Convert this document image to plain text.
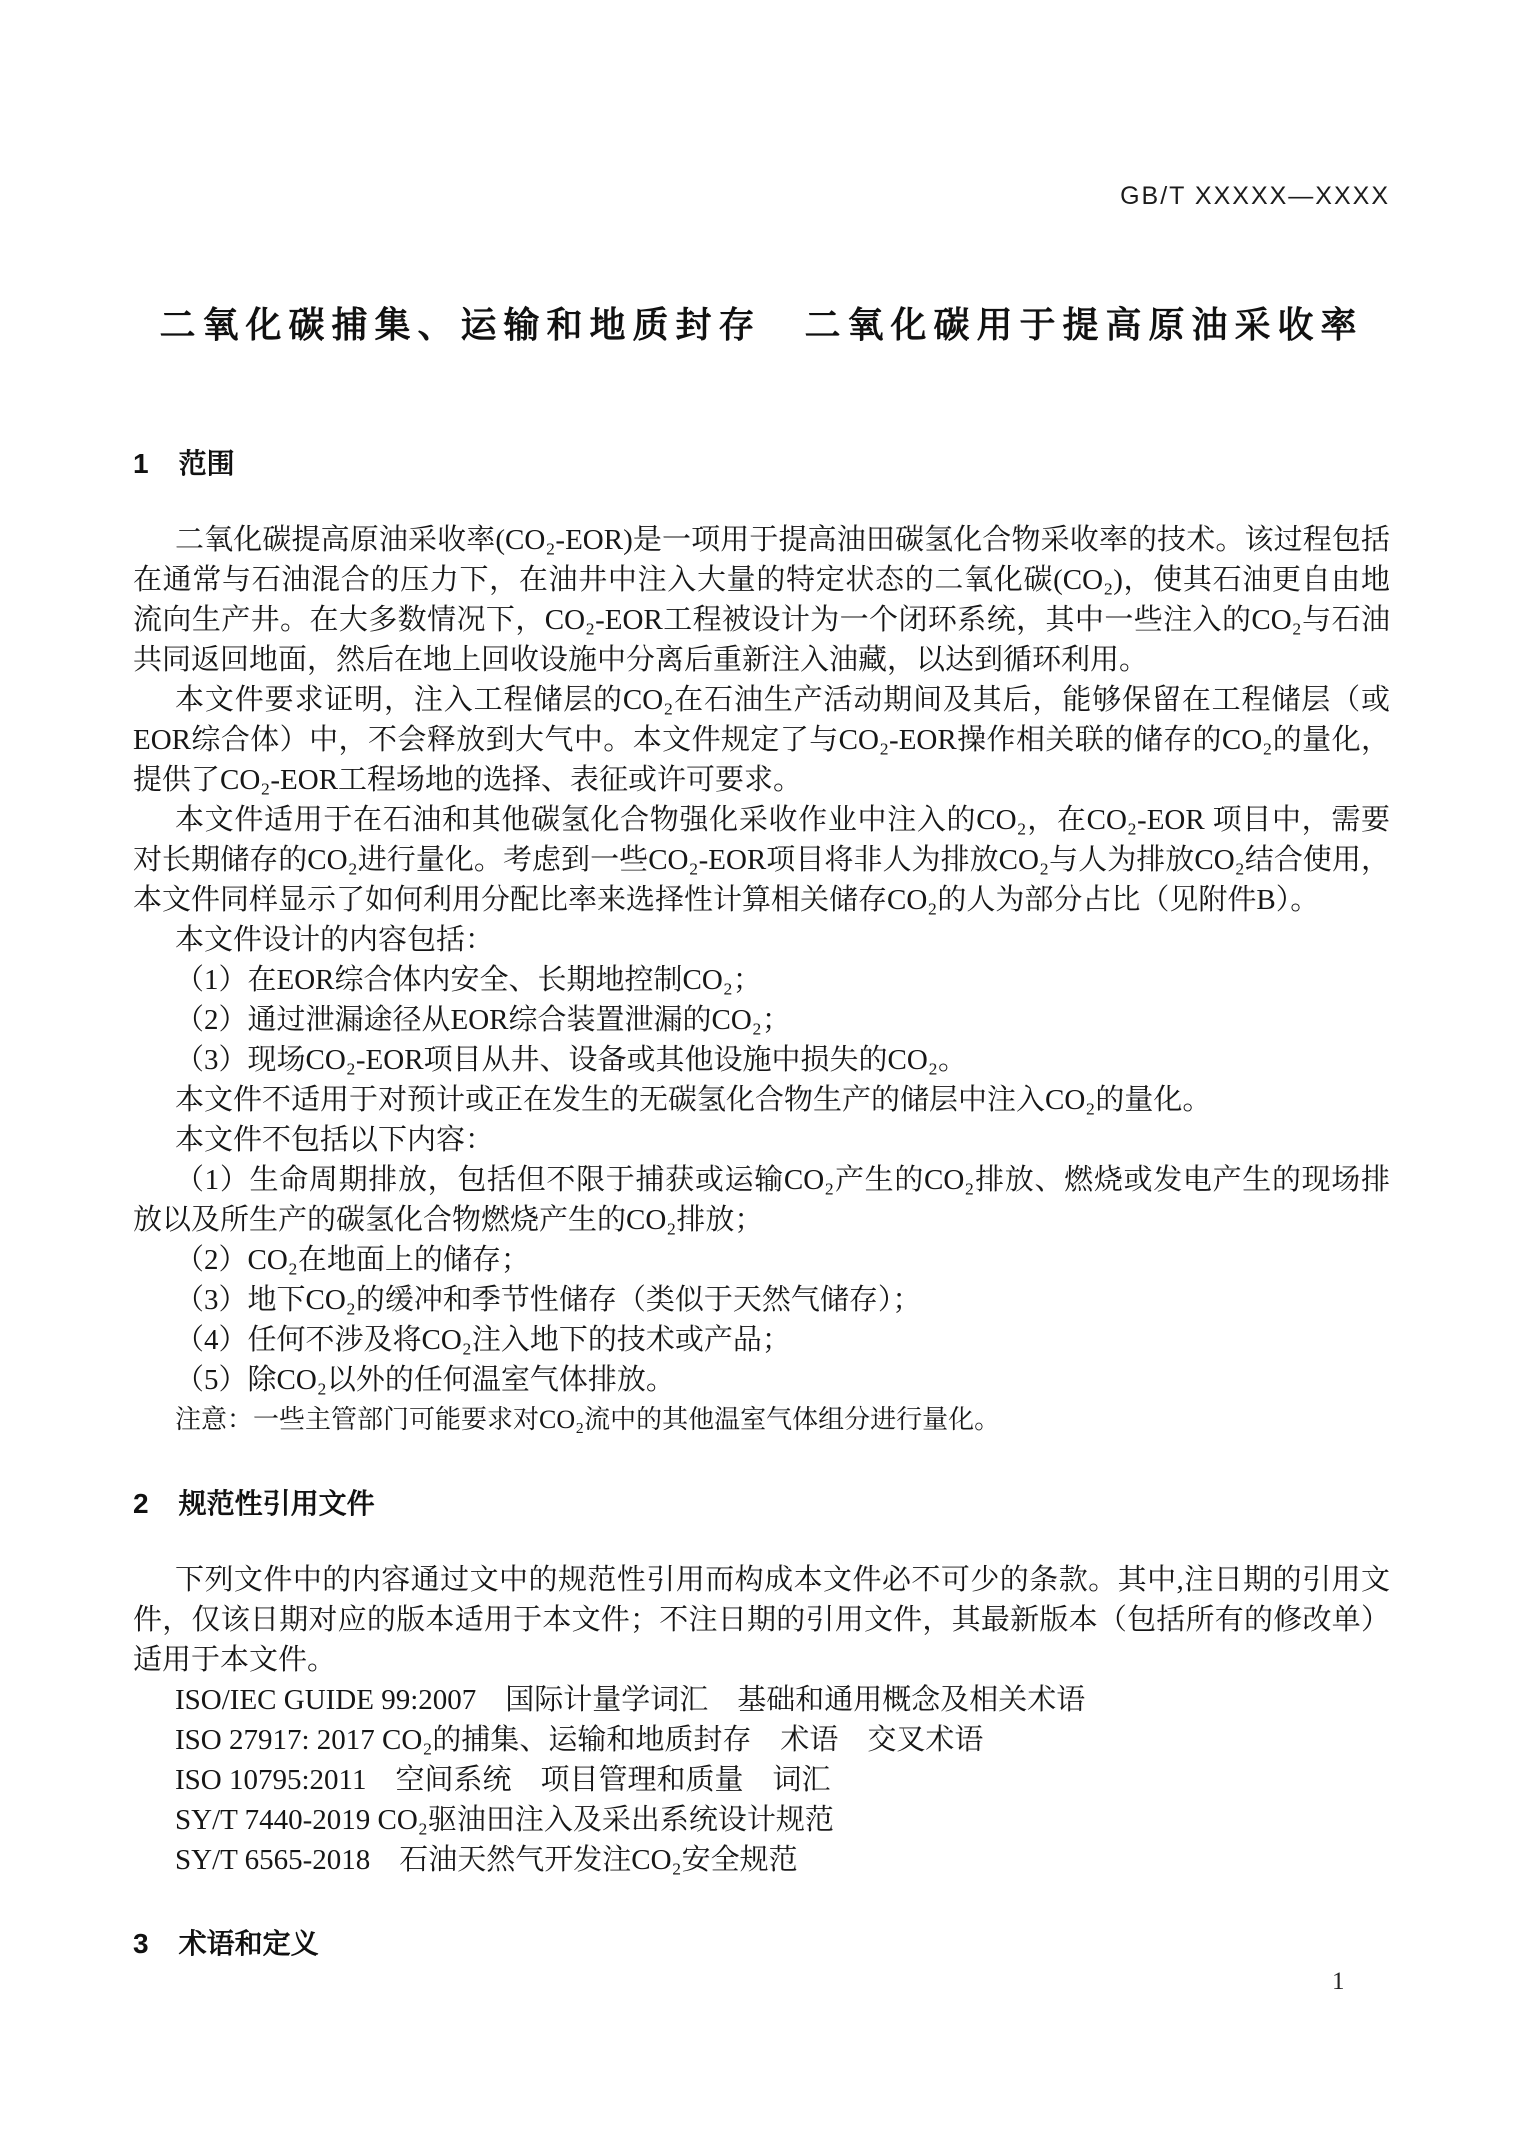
GB/T XXXXX—XXXX
二氧化碳捕集、运输和地质封存　二氧化碳用于提高原油采收率
1 范围

二氧化碳提高原油采收率(CO₂-EOR)是一项用于提高油田碳氢化合物采收率的技术。该过程包括在通常与石油混合的压力下，在油井中注入大量的特定状态的二氧化碳(CO₂)，使其石油更自由地流向生产井。在大多数情况下，CO₂-EOR工程被设计为一个闭环系统，其中一些注入的CO₂与石油共同返回地面，然后在地上回收设施中分离后重新注入油藏，以达到循环利用。

本文件要求证明，注入工程储层的CO₂在石油生产活动期间及其后，能够保留在工程储层（或EOR综合体）中，不会释放到大气中。本文件规定了与CO₂-EOR操作相关联的储存的CO₂的量化，提供了CO₂-EOR工程场地的选择、表征或许可要求。

本文件适用于在石油和其他碳氢化合物强化采收作业中注入的CO₂，在CO₂-EOR 项目中，需要对长期储存的CO₂进行量化。考虑到一些CO₂-EOR项目将非人为排放CO₂与人为排放CO₂结合使用，本文件同样显示了如何利用分配比率来选择性计算相关储存CO₂的人为部分占比（见附件B）。

本文件设计的内容包括：

（1）在EOR综合体内安全、长期地控制CO₂；

（2）通过泄漏途径从EOR综合装置泄漏的CO₂；

（3）现场CO₂-EOR项目从井、设备或其他设施中损失的CO₂。

本文件不适用于对预计或正在发生的无碳氢化合物生产的储层中注入CO₂的量化。

本文件不包括以下内容：

（1）生命周期排放，包括但不限于捕获或运输CO₂产生的CO₂排放、燃烧或发电产生的现场排放以及所生产的碳氢化合物燃烧产生的CO₂排放；

（2）CO₂在地面上的储存；

（3）地下CO₂的缓冲和季节性储存（类似于天然气储存）；

（4）任何不涉及将CO₂注入地下的技术或产品；

（5）除CO₂以外的任何温室气体排放。

注意：一些主管部门可能要求对CO₂流中的其他温室气体组分进行量化。

2 规范性引用文件

下列文件中的内容通过文中的规范性引用而构成本文件必不可少的条款。其中,注日期的引用文件，仅该日期对应的版本适用于本文件；不注日期的引用文件，其最新版本（包括所有的修改单）适用于本文件。

ISO/IEC GUIDE 99:2007　国际计量学词汇　基础和通用概念及相关术语

ISO 27917: 2017 CO₂的捕集、运输和地质封存　术语　交叉术语

ISO 10795:2011　空间系统　项目管理和质量　词汇

SY/T 7440-2019 CO₂驱油田注入及采出系统设计规范

SY/T 6565-2018　石油天然气开发注CO₂安全规范

3 术语和定义
1
